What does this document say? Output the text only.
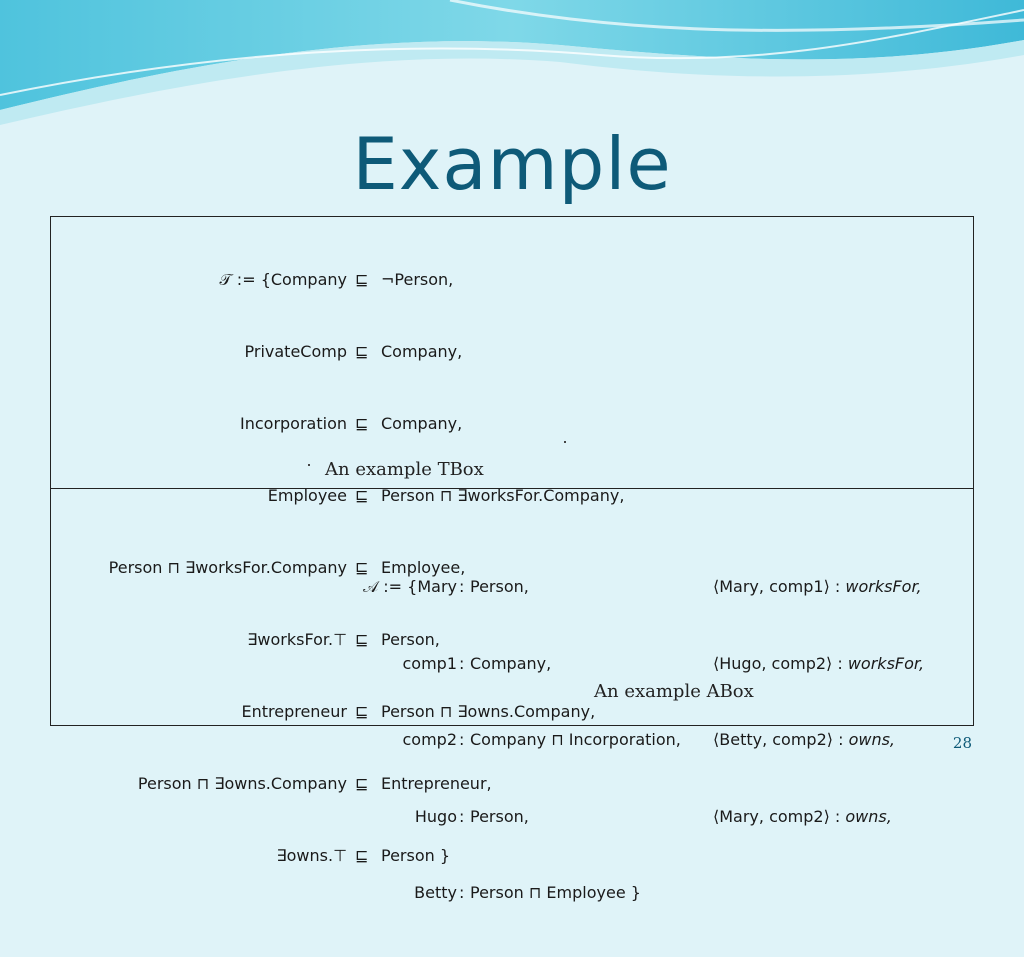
Example

𝒯 := {Company

PrivateComp

Incorporation

Employee

Person ⊓ ∃worksFor.Company

∃worksFor.⊤

Entrepreneur

Person ⊓ ∃owns.Company

∃owns.⊤

⊑

⊑

⊑

⊑

⊑

⊑

⊑

⊑

⊑

¬Person,

Company,

Company,

Person ⊓ ∃worksFor.Company,

Employee,

Person,

Person ⊓ ∃owns.Company,

Entrepreneur,

Person }

An example TBox

𝒜 := {Mary

comp1

comp2

Hugo

Betty

:

:

:

:

:

Person,

Company,

Company ⊓ Incorporation,

Person,

Person ⊓ Employee }

⟨Mary, comp1⟩ : worksFor,

⟨Hugo, comp2⟩ : worksFor,

⟨Betty, comp2⟩ : owns,

⟨Mary, comp2⟩ : owns,

An example ABox
28
